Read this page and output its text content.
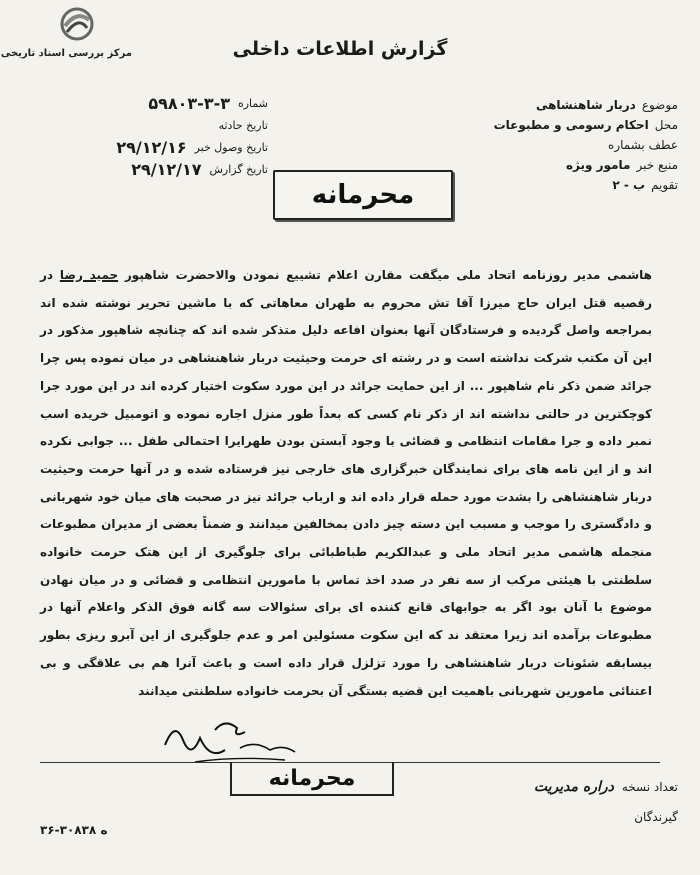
مرکز بررسی اسناد تاریخی	گزارش اطلاعات داخلی
شماره
۵۹۸۰۳-۳-۳
تاریخ حادثه
تاریخ وصول خبر
۲۹/۱۲/۱۶
تاریخ گزارش
۲۹/۱۲/۱۷
موضوع
دربار شاهنشاهی
محل
احکام رسومی و مطبوعات
عطف بشماره
منبع خبر
مامور ویژه
تقویم
ب - ۲
محرمانه

هاشمی مدیر روزنامه اتحاد ملی میگفت مقارن اعلام تشییع نمودن والاحضرت شاهپور حمید رضا در رقصیه قتل ایران حاج میرزا آقا تش محروم به طهران معاهاتی که با ماشین تحریر نوشته شده اند بمراجعه واصل گردیده و فرستادگان آنها بعنوان افاعه دلیل متذکر شده اند که چنانچه شاهپور مذکور در این آن مکتب شرکت نداشته است و در رشته ای حرمت وحیثیت دربار شاهنشاهی در میان نموده پس چرا جرائد ضمن ذکر نام شاهپور ... از این حمایت جرائد در این مورد سکوت اختیار کرده اند در این مورد جرا کوچکترین در حالتی نداشته اند از ذکر نام کسی که بعداً طور منزل اجاره نموده و اتومبیل خریده اسب نمبر داده و جرا مقامات انتظامی و قضائی با وجود آبستن بودن طهرایرا احتمالی طفل ... جوابی نکرده اند و از این نامه های برای نمایندگان خبرگزاری های خارجی نیز فرستاده شده و در آنها حرمت وحیثیت دربار شاهنشاهی را بشدت مورد حمله قرار داده اند و ارباب جرائد نیز در صحبت های میان خود شهربانی و دادگستری را موجب و مسبب این دسته چیز دادن بمخالفین میدانند و ضمناً بعضی از مدیران مطبوعات منجمله هاشمی مدیر اتحاد ملی و عبدالکریم طباطبائی برای جلوگیری از این هتک حرمت خانواده سلطنتی با هیئتی مرکب از سه نفر در صدد اخذ تماس با مامورین انتظامی و قضائی و در میان نهادن موضوع با آنان بود اگر به جوابهای قانع کننده ای برای سئوالات سه گانه فوق الذکر واعلام آنها در مطبوعات برآمده اند زیرا معتقد ند که این سکوت مسئولین امر و عدم جلوگیری از این آبرو ریزی بطور بیسابقه شئونات دربار شاهنشاهی را مورد تزلزل قرار داده است و باعث آنرا هم بی علاقگی و بی اعتنائی مامورین شهربانی باهمیت این قضیه بستگی آن بحرمت خانواده سلطنتی میدانند

محرمانه	تعداد نسخه
دراره مدیریت
گیرندگان
۳۶-۳۰۸۳۸ ه
